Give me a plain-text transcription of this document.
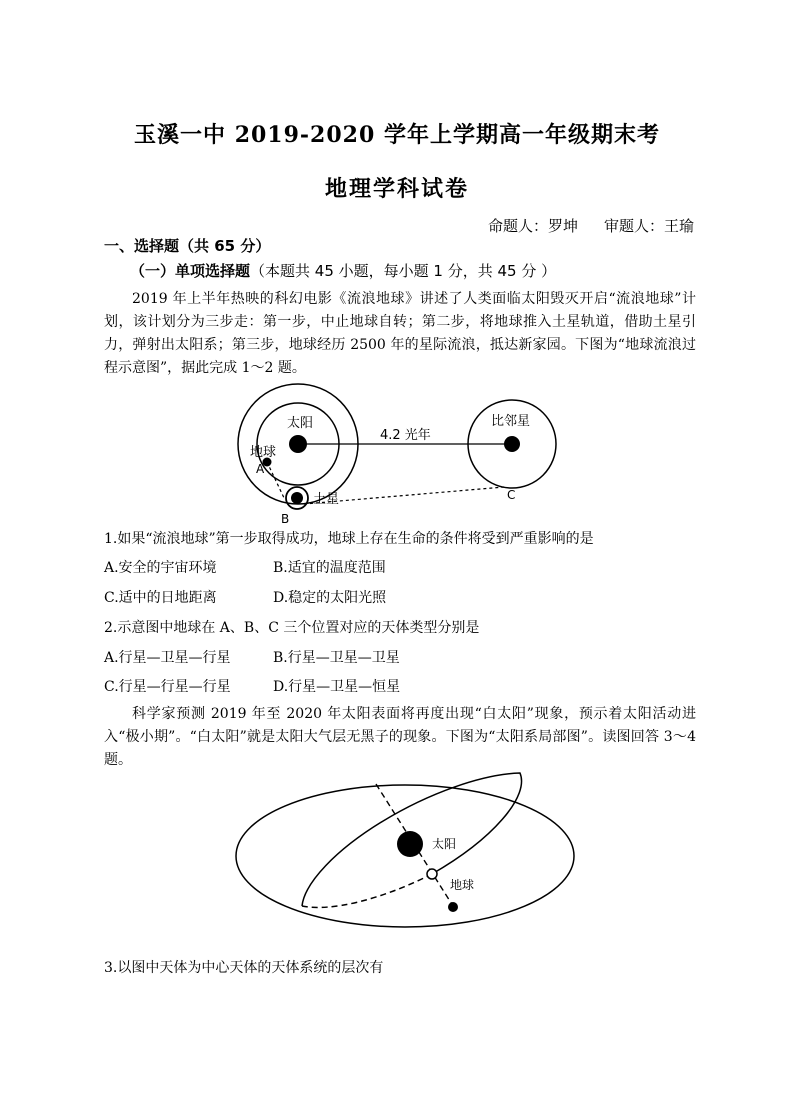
玉溪一中 2019-2020 学年上学期高一年级期末考
地理学科试卷
命题人：罗坤 审题人：王瑜
一、选择题（共 65 分）
（一）单项选择题（本题共 45 小题，每小题 1 分，共 45 分 ）
2019 年上半年热映的科幻电影《流浪地球》讲述了人类面临太阳毁灭开启“流浪地球”计划，该计划分为三步走：第一步，中止地球自转；第二步，将地球推入土星轨道，借助土星引力，弹射出太阳系；第三步，地球经历 2500 年的星际流浪，抵达新家园。下图为“地球流浪过程示意图”，据此完成 1～2 题。
太阳	比邻星
4.2 光年
地球
A
土星
B
C
1.如果“流浪地球”第一步取得成功，地球上存在生命的条件将受到严重影响的是
A.安全的宇宙环境	B.适宜的温度范围
C.适中的日地距离	D.稳定的太阳光照
2.示意图中地球在 A、B、C 三个位置对应的天体类型分别是
A.行星—卫星—行星	B.行星—卫星—卫星
C.行星—行星—行星	D.行星—卫星—恒星
科学家预测 2019 年至 2020 年太阳表面将再度出现“白太阳”现象，预示着太阳活动进入“极小期”。“白太阳”就是太阳大气层无黑子的现象。下图为“太阳系局部图”。读图回答 3～4 题。
太阳
地球
3.以图中天体为中心天体的天体系统的层次有
